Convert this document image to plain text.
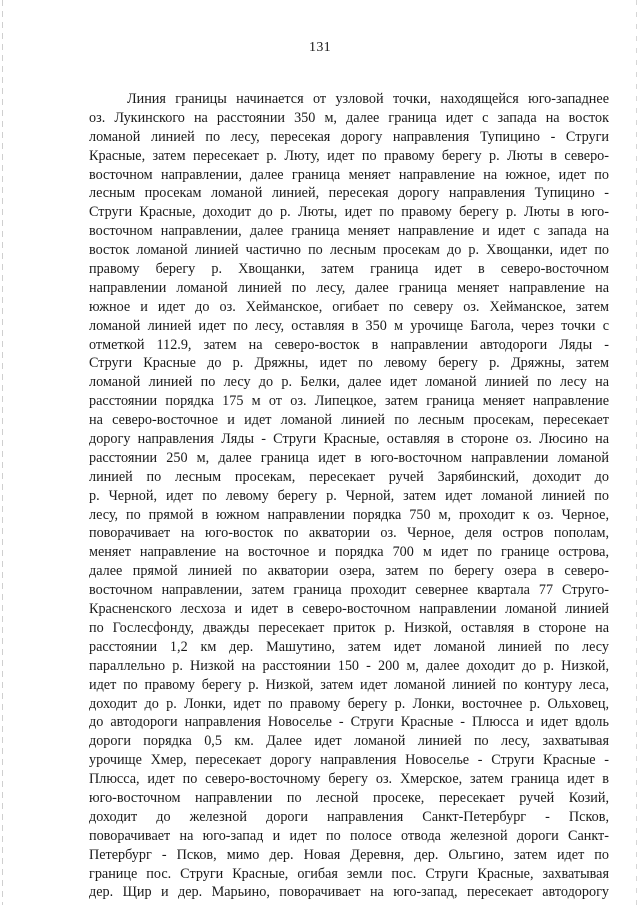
131
Линия границы начинается от узловой точки, находящейся юго-западнее
оз. Лукинского на расстоянии 350 м, далее граница идет с запада на восток
ломаной линией по лесу, пересекая дорогу направления Тупицино - Струги
Красные, затем пересекает р. Люту, идет по правому берегу р. Люты в северо-
восточном направлении, далее граница меняет направление на южное, идет по
лесным просекам ломаной линией, пересекая дорогу направления Тупицино -
Струги Красные, доходит до р. Люты, идет по правому берегу р. Люты в юго-
восточном направлении, далее граница меняет направление и идет с запада на
восток ломаной линией частично по лесным просекам до р. Хвощанки, идет по
правому берегу р. Хвощанки, затем граница идет в северо-восточном
направлении ломаной линией по лесу, далее граница меняет направление на
южное и идет до оз. Хейманское, огибает по северу оз. Хейманское, затем
ломаной линией идет по лесу, оставляя в 350 м урочище Баголa, через точки с
отметкой 112.9, затем на северо-восток в направлении автодороги Ляды -
Струги Красные до р. Дряжны, идет по левому берегу р. Дряжны, затем
ломаной линией по лесу до р. Белки, далее идет ломаной линией по лесу на
расстоянии порядка 175 м от оз. Липецкое, затем граница меняет направление
на северо-восточное и идет ломаной линией по лесным просекам, пересекает
дорогу направления Ляды - Струги Красные, оставляя в стороне оз. Люсино на
расстоянии 250 м, далее граница идет в юго-восточном направлении ломаной
линией по лесным просекам, пересекает ручей Зарябинский, доходит до
р. Черной, идет по левому берегу р. Черной, затем идет ломаной линией по
лесу, по прямой в южном направлении порядка 750 м, проходит к оз. Черное,
поворачивает на юго-восток по акватории оз. Черное, деля остров пополам,
меняет направление на восточное и порядка 700 м идет по границе острова,
далее прямой линией по акватории озера, затем по берегу озера в северо-
восточном направлении, затем граница проходит севернее квартала 77 Струго-
Красненского лесхоза и идет в северо-восточном направлении ломаной линией
по Гослесфонду, дважды пересекает приток р. Низкой, оставляя в стороне на
расстоянии 1,2 км дер. Машутино, затем идет ломаной линией по лесу
параллельно р. Низкой на расстоянии 150 - 200 м, далее доходит до р. Низкой,
идет по правому берегу р. Низкой, затем идет ломаной линией по контуру леса,
доходит до р. Лонки, идет по правому берегу р. Лонки, восточнее р. Ольховец,
до автодороги направления Новоселье - Струги Красные - Плюсса и идет вдоль
дороги порядка 0,5 км. Далее идет ломаной линией по лесу, захватывая
урочище Хмер, пересекает дорогу направления Новоселье - Струги Красные -
Плюсса, идет по северо-восточному берегу оз. Хмерское, затем граница идет в
юго-восточном направлении по лесной просеке, пересекает ручей Козий,
доходит до железной дороги направления Санкт-Петербург - Псков,
поворачивает на юго-запад и идет по полосе отвода железной дороги Санкт-
Петербург - Псков, мимо дер. Новая Деревня, дер. Ольгино, затем идет по
границе пос. Струги Красные, огибая земли пос. Струги Красные, захватывая
дер. Щир и дер. Марьино, поворачивает на юго-запад, пересекает автодорогу
